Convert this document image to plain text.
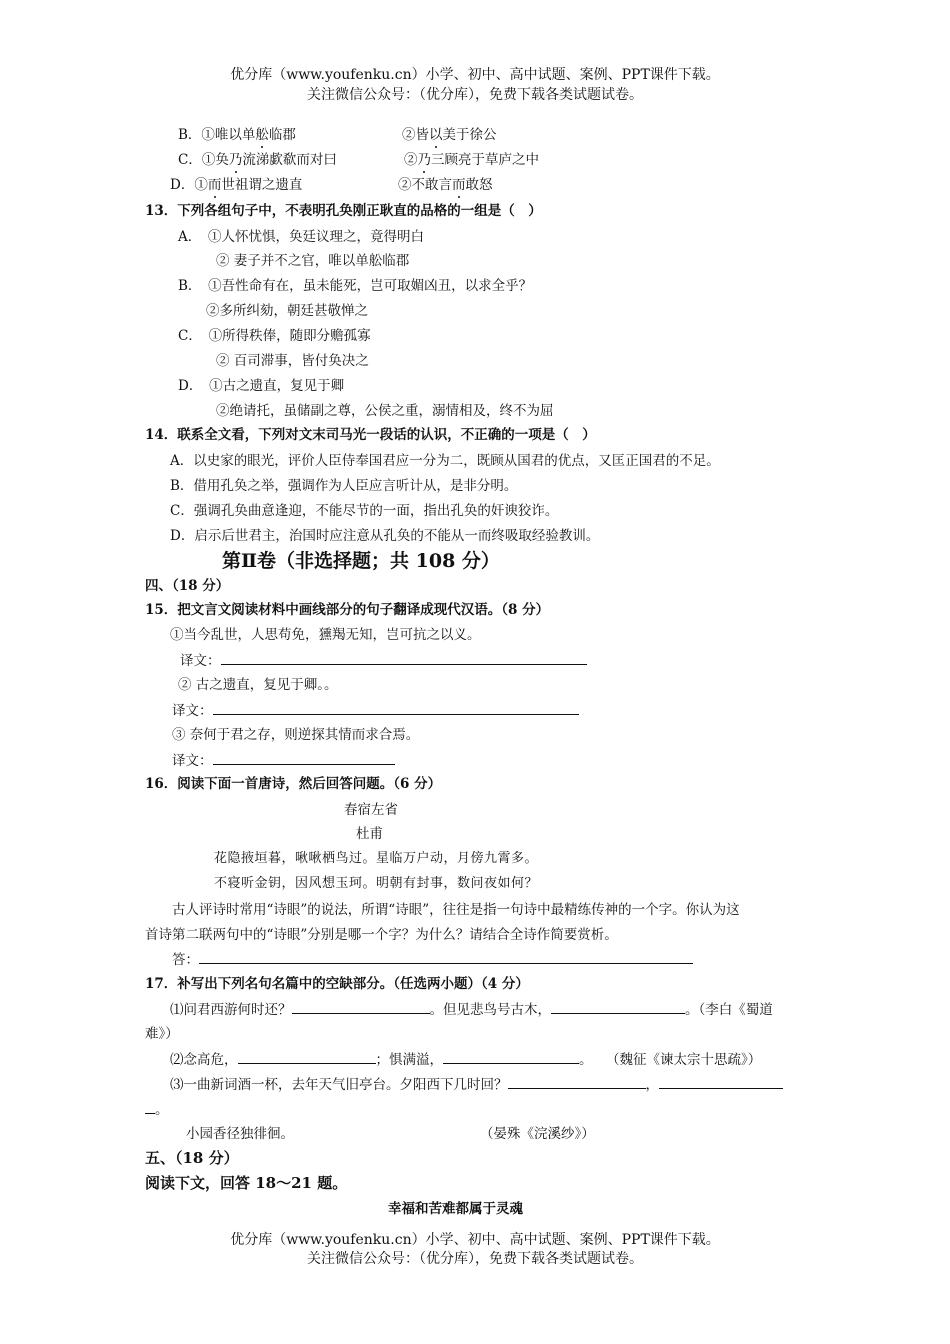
优分库（www.youfenku.cn）小学、初中、高中试题、案例、PPT课件下载。
关注微信公众号：（优分库），免费下载各类试题试卷。
B．①唯以单舩临郡	②皆以美于徐公
C．①奂乃流涕歔欷而对曰	②乃三顾亮于草庐之中
D．①而世祖谓之遗直	②不敢言而敢怒
13．下列各组句子中，不表明孔奂刚正耿直的品格的一组是（　）
A．　①人怀忧惧，奂廷议理之，竟得明白
② 妻子并不之官，唯以单舩临郡
B．　①吾性命有在，虽未能死，岂可取媚凶丑，以求全乎？
②多所纠劾，朝廷甚敬惮之
C．　①所得秩俸，随即分赡孤寡
② 百司滞事，皆付奂决之
D．　①古之遗直，复见于卿
②绝请托，虽储副之尊，公侯之重，溺情相及，终不为屈
14．联系全文看，下列对文末司马光一段话的认识，不正确的一项是（　）
A．以史家的眼光，评价人臣侍奉国君应一分为二，既顾从国君的优点，又匡正国君的不足。
B．借用孔奂之举，强调作为人臣应言听计从，是非分明。
C．强调孔奂曲意逢迎，不能尽节的一面，指出孔奂的奸谀狡诈。
D．启示后世君主，治国时应注意从孔奂的不能从一而终吸取经验教训。
第Ⅱ卷（非选择题；共 108 分）
四、（18 分）
15．把文言文阅读材料中画线部分的句子翻译成现代汉语。（8 分）
①当今乱世，人思苟免，獯羯无知，岂可抗之以义。
译文：
② 古之遗直，复见于卿。。
译文：
③ 奈何于君之存，则逆探其情而求合焉。
译文：
16．阅读下面一首唐诗，然后回答问题。（6 分）
春宿左省
杜甫
花隐掖垣暮，啾啾栖鸟过。星临万户动，月傍九霄多。
不寝听金钥，因风想玉珂。明朝有封事，数问夜如何？
古人评诗时常用“诗眼”的说法，所谓“诗眼”，往往是指一句诗中最精练传神的一个字。你认为这
首诗第二联两句中的“诗眼”分别是哪一个字？为什么？请结合全诗作简要赏析。
答：
17．补写出下列名句名篇中的空缺部分。（任选两小题）（4 分）
⑴问君西游何时还？	。但见悲鸟号古木，	。（李白《蜀道
难》）
⑵念高危，	；惧满溢，	。　　（魏征《谏太宗十思疏》）
⑶一曲新词酒一杯，去年天气旧亭台。夕阳西下几时回？	，
。
小园香径独徘徊。	（晏殊《浣溪纱》）
五、（18 分）
阅读下文，回答 18～21 题。
幸福和苦难都属于灵魂
优分库（www.youfenku.cn）小学、初中、高中试题、案例、PPT课件下载。
关注微信公众号：（优分库），免费下载各类试题试卷。
